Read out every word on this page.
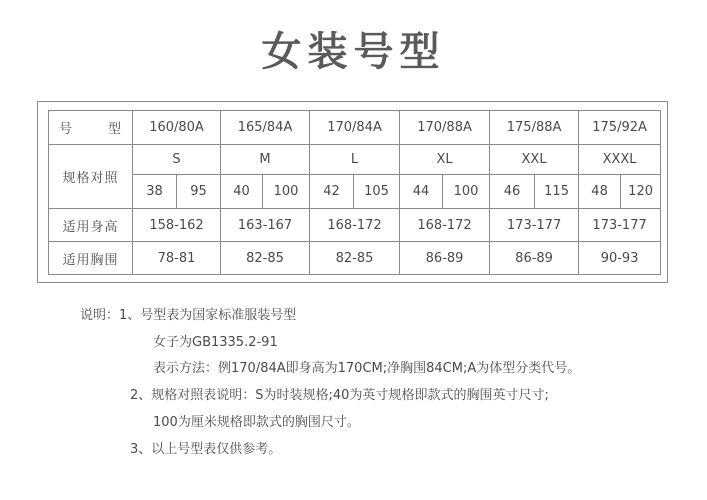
女装号型
号 型	160/80A		165/84A		170/84A		170/88A		175/88A		175/92A	
规格对照	S		M		L		XL		XXL		XXXL	
	38	95	40	100	42	105	44	100	46	115	48	120
适用身高	158-162		163-167		168-172		168-172		173-177		173-177	
适用胸围	78-81		82-85		82-85		86-89		86-89		90-93	
说明：1、号型表为国家标准服装号型
女子为GB1335.2-91
表示方法：例170/84A即身高为170CM;净胸围84CM;A为体型分类代号。
2、规格对照表说明：S为时装规格;40为英寸规格即款式的胸围英寸尺寸;
100为厘米规格即款式的胸围尺寸。
3、以上号型表仅供参考。
